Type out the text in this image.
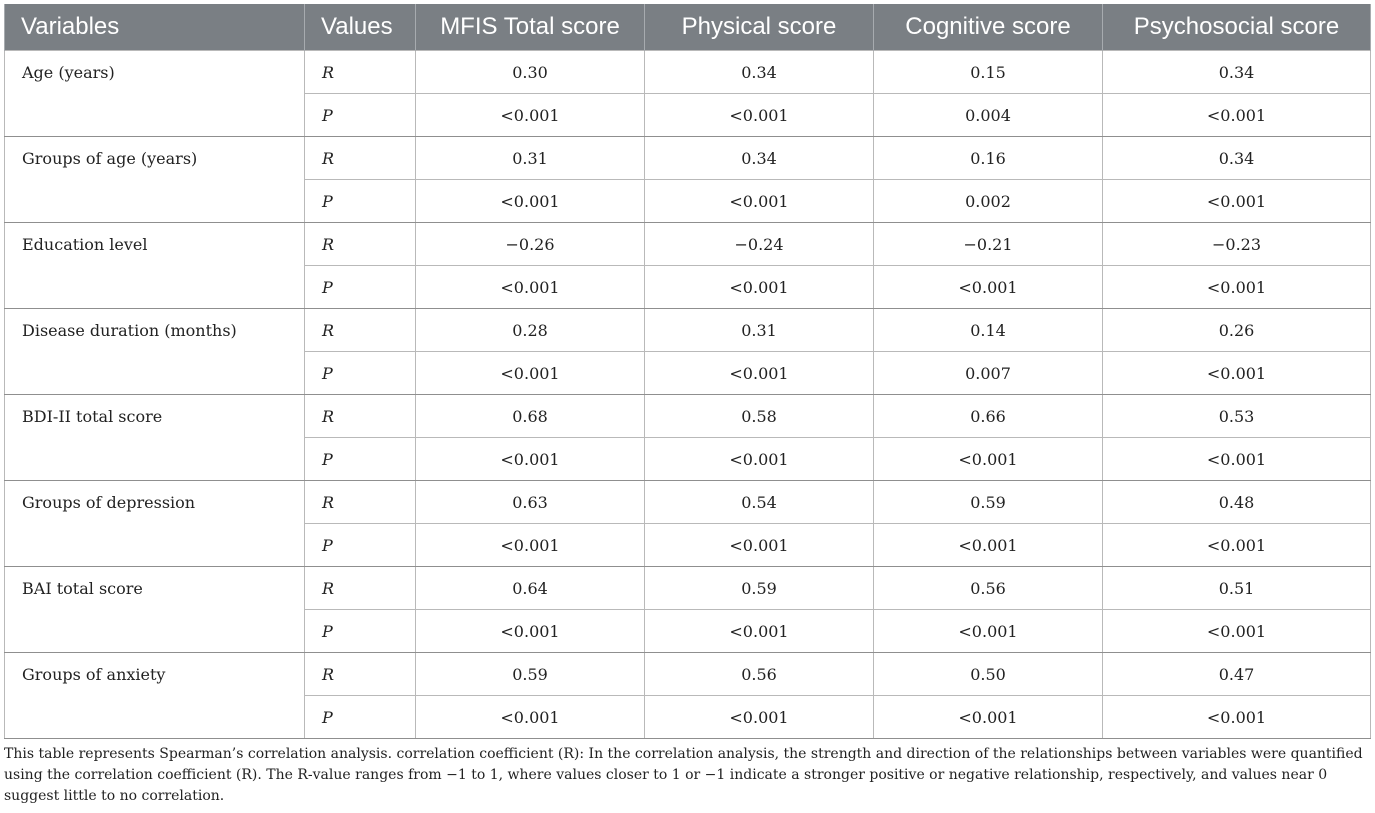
Variables	Values	MFIS Total score	Physical score	Cognitive score	Psychosocial score
Age (years)	R	0.30	0.34	0.15	0.34
	P	<0.001	<0.001	0.004	<0.001
Groups of age (years)	R	0.31	0.34	0.16	0.34
	P	<0.001	<0.001	0.002	<0.001
Education level	R	−0.26	−0.24	−0.21	−0.23
	P	<0.001	<0.001	<0.001	<0.001
Disease duration (months)	R	0.28	0.31	0.14	0.26
	P	<0.001	<0.001	0.007	<0.001
BDI-II total score	R	0.68	0.58	0.66	0.53
	P	<0.001	<0.001	<0.001	<0.001
Groups of depression	R	0.63	0.54	0.59	0.48
	P	<0.001	<0.001	<0.001	<0.001
BAI total score	R	0.64	0.59	0.56	0.51
	P	<0.001	<0.001	<0.001	<0.001
Groups of anxiety	R	0.59	0.56	0.50	0.47
	P	<0.001	<0.001	<0.001	<0.001
This table represents Spearman’s correlation analysis. correlation coefficient (R): In the correlation analysis, the strength and direction of the relationships between variables were quantified using the correlation coefficient (R). The R-value ranges from −1 to 1, where values closer to 1 or −1 indicate a stronger positive or negative relationship, respectively, and values near 0 suggest little to no correlation.
